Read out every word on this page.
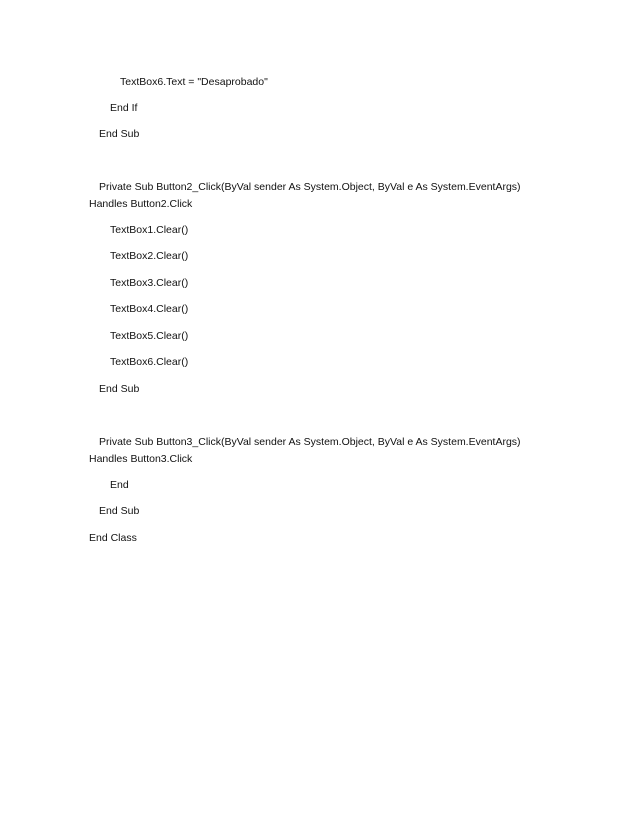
TextBox6.Text = "Desaprobado"
End If
End Sub
Private Sub Button2_Click(ByVal sender As System.Object, ByVal e As System.EventArgs)
Handles Button2.Click
TextBox1.Clear()
TextBox2.Clear()
TextBox3.Clear()
TextBox4.Clear()
TextBox5.Clear()
TextBox6.Clear()
End Sub
Private Sub Button3_Click(ByVal sender As System.Object, ByVal e As System.EventArgs)
Handles Button3.Click
End
End Sub
End Class
